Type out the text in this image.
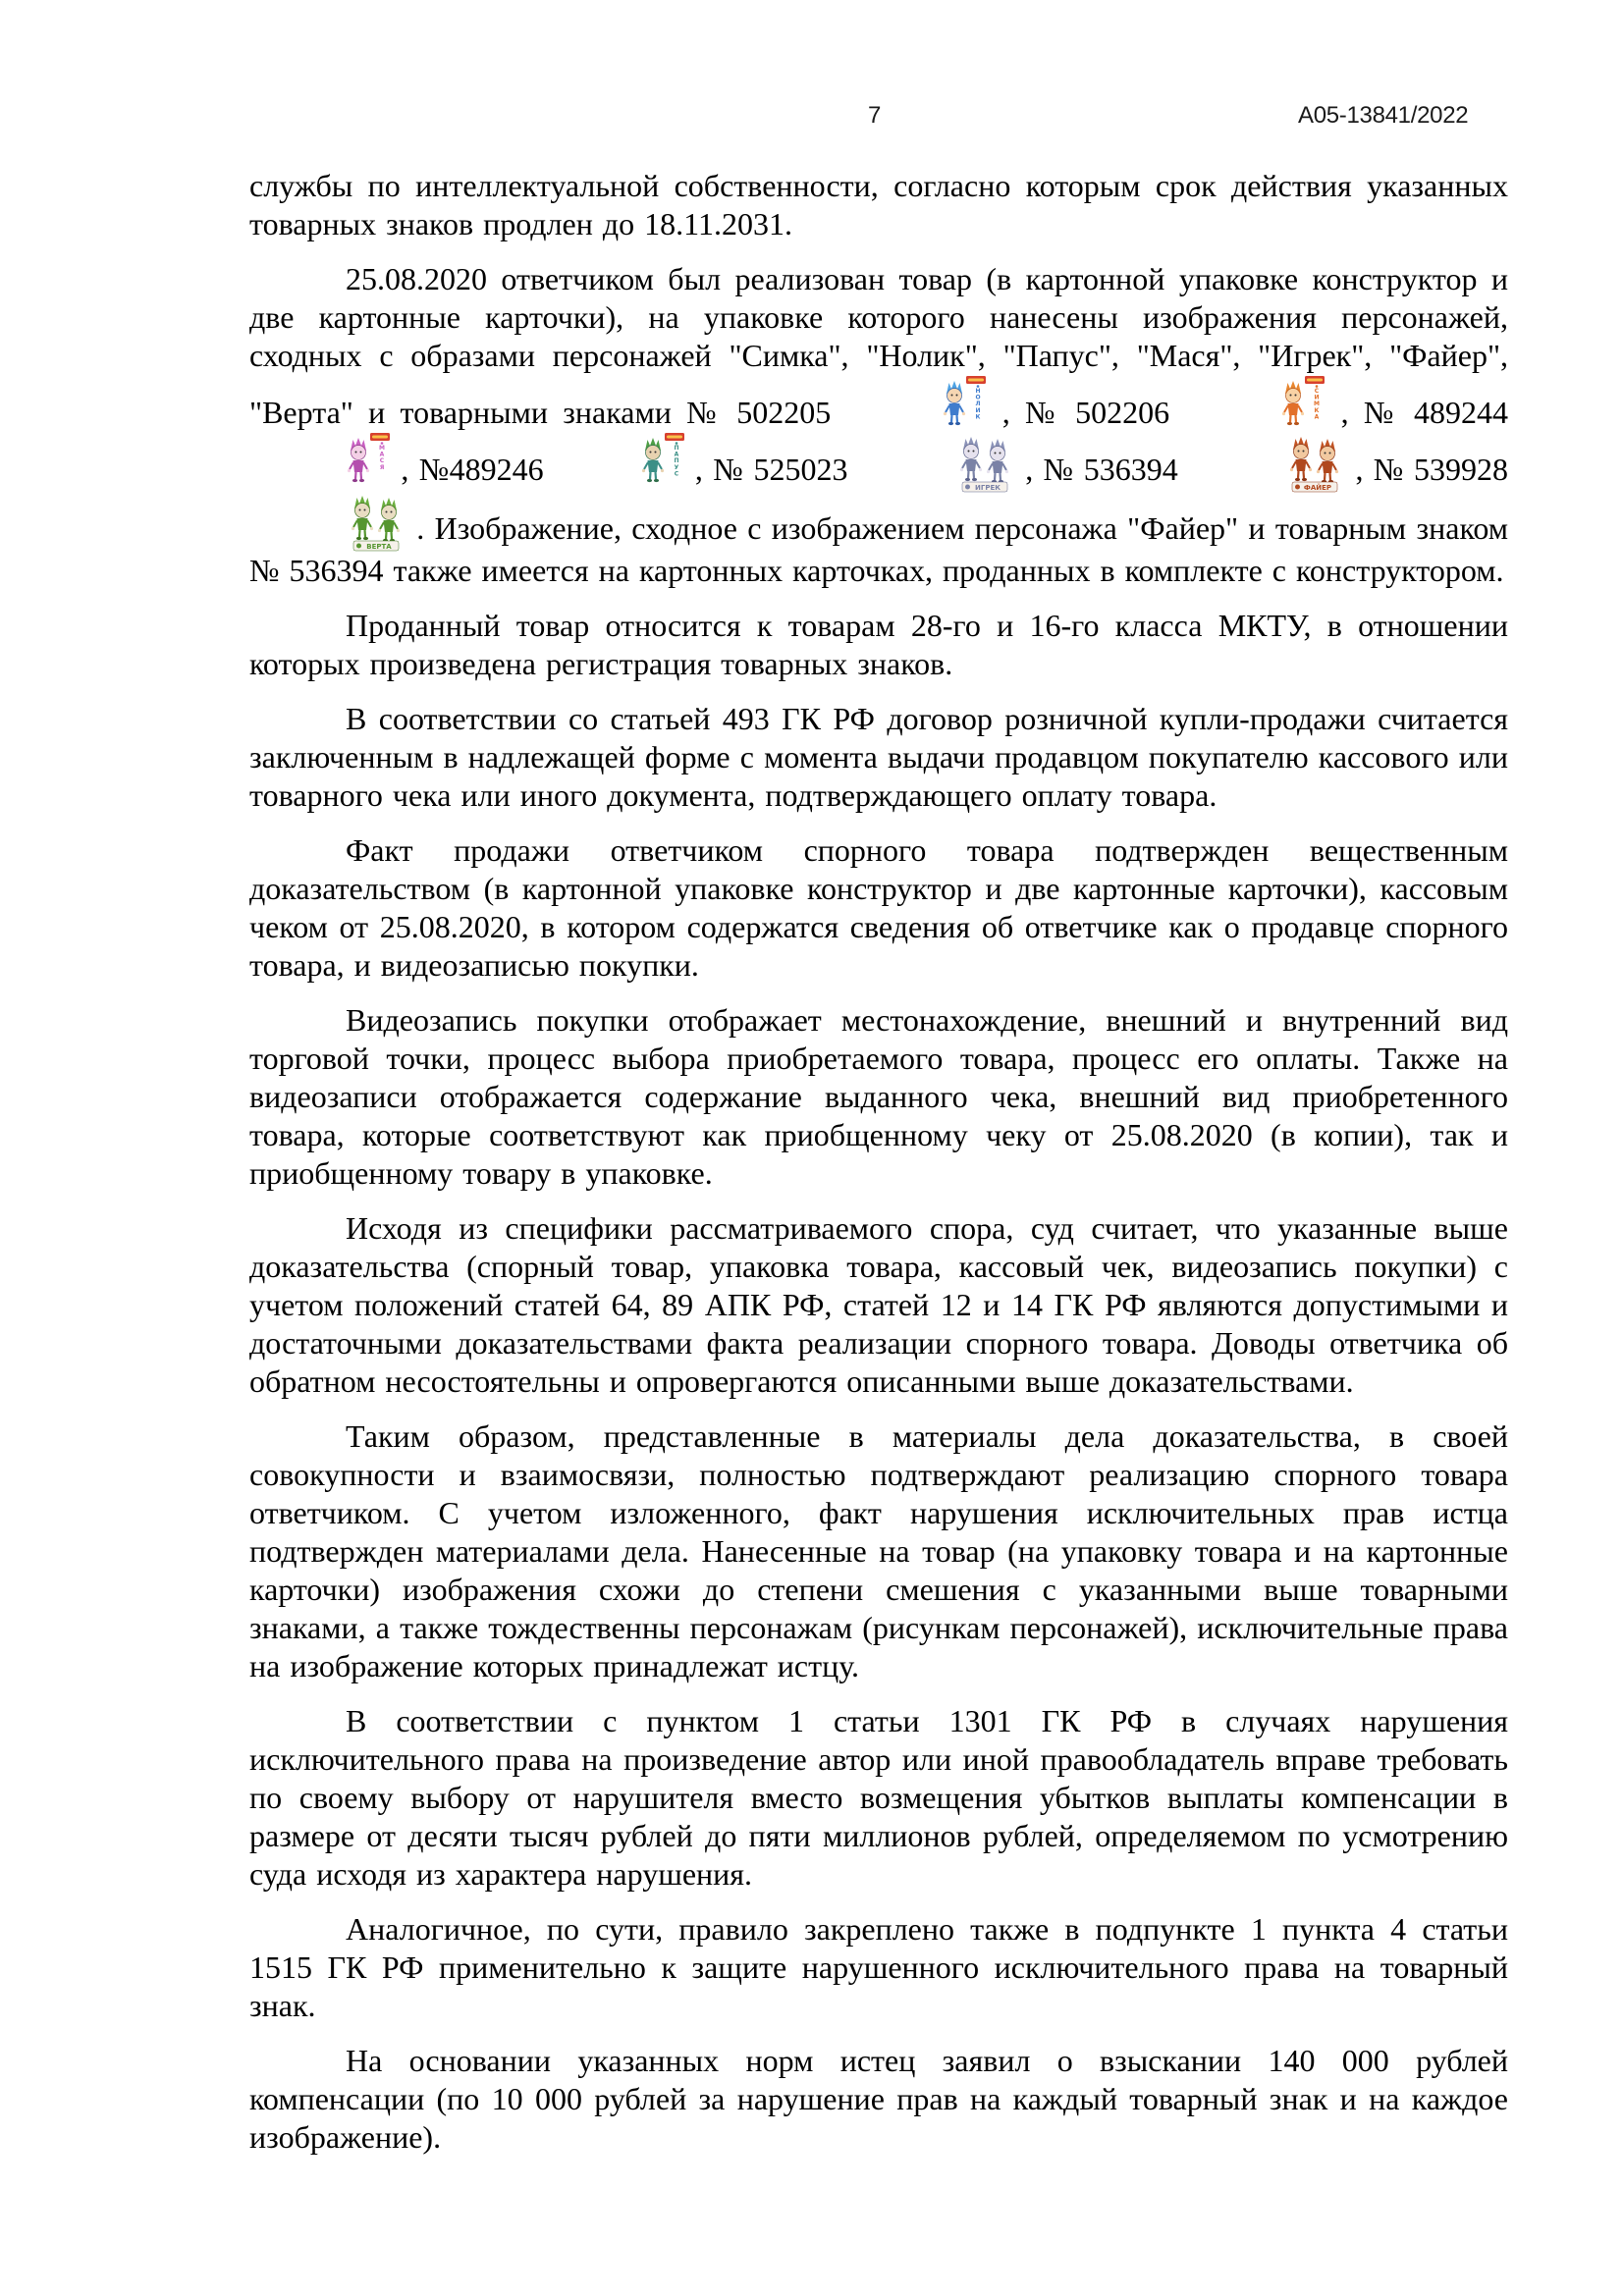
7	А05-13841/2022

службы по интеллектуальной собственности, согласно которым срок действия указанных товарных знаков продлен до 18.11.2031.

25.08.2020 ответчиком был реализован товар (в картонной упаковке конструктор и две картонные карточки), на упаковке которого нанесены изображения персонажей, сходных с образами персонажей "Симка", "Нолик", "Папус", "Мася", "Игрек", "Файер", "Верта" и товарными знаками № 502205
Н
О
Л
И
К , № 502206
С
И
М
К
А , № 489244
М
А
С
Я , №489246
П
А
П
У
С , № 525023
ИГРЕК
, № 536394
ФАЙЕР
, № 539928
ВЕРТА
. Изображение, сходное с изображением персонажа "Файер" и товарным знаком № 536394 также имеется на картонных карточках, проданных в комплекте с конструктором.

Проданный товар относится к товарам 28-го и 16-го класса МКТУ, в отношении которых произведена регистрация товарных знаков.

В соответствии со статьей 493 ГК РФ договор розничной купли-продажи считается заключенным в надлежащей форме с момента выдачи продавцом покупателю кассового или товарного чека или иного документа, подтверждающего оплату товара.

Факт продажи ответчиком спорного товара подтвержден вещественным доказательством (в картонной упаковке конструктор и две картонные карточки), кассовым чеком от 25.08.2020, в котором содержатся сведения об ответчике как о продавце спорного товара, и видеозаписью покупки.

Видеозапись покупки отображает местонахождение, внешний и внутренний вид торговой точки, процесс выбора приобретаемого товара, процесс его оплаты. Также на видеозаписи отображается содержание выданного чека, внешний вид приобретенного товара, которые соответствуют как приобщенному чеку от 25.08.2020 (в копии), так и приобщенному товару в упаковке.

Исходя из специфики рассматриваемого спора, суд считает, что указанные выше доказательства (спорный товар, упаковка товара, кассовый чек, видеозапись покупки) с учетом положений статей 64, 89 АПК РФ, статей 12 и 14 ГК РФ являются допустимыми и достаточными доказательствами факта реализации спорного товара. Доводы ответчика об обратном несостоятельны и опровергаются описанными выше доказательствами.

Таким образом, представленные в материалы дела доказательства, в своей совокупности и взаимосвязи, полностью подтверждают реализацию спорного товара ответчиком. С учетом изложенного, факт нарушения исключительных прав истца подтвержден материалами дела. Нанесенные на товар (на упаковку товара и на картонные карточки) изображения схожи до степени смешения с указанными выше товарными знаками, а также тождественны персонажам (рисункам персонажей), исключительные права на изображение которых принадлежат истцу.

В соответствии с пунктом 1 статьи 1301 ГК РФ в случаях нарушения исключительного права на произведение автор или иной правообладатель вправе требовать по своему выбору от нарушителя вместо возмещения убытков выплаты компенсации в размере от десяти тысяч рублей до пяти миллионов рублей, определяемом по усмотрению суда исходя из характера нарушения.

Аналогичное, по сути, правило закреплено также в подпункте 1 пункта 4 статьи 1515 ГК РФ применительно к защите нарушенного исключительного права на товарный знак.

На основании указанных норм истец заявил о взыскании 140 000 рублей компенсации (по 10 000 рублей за нарушение прав на каждый товарный знак и на каждое изображение).
